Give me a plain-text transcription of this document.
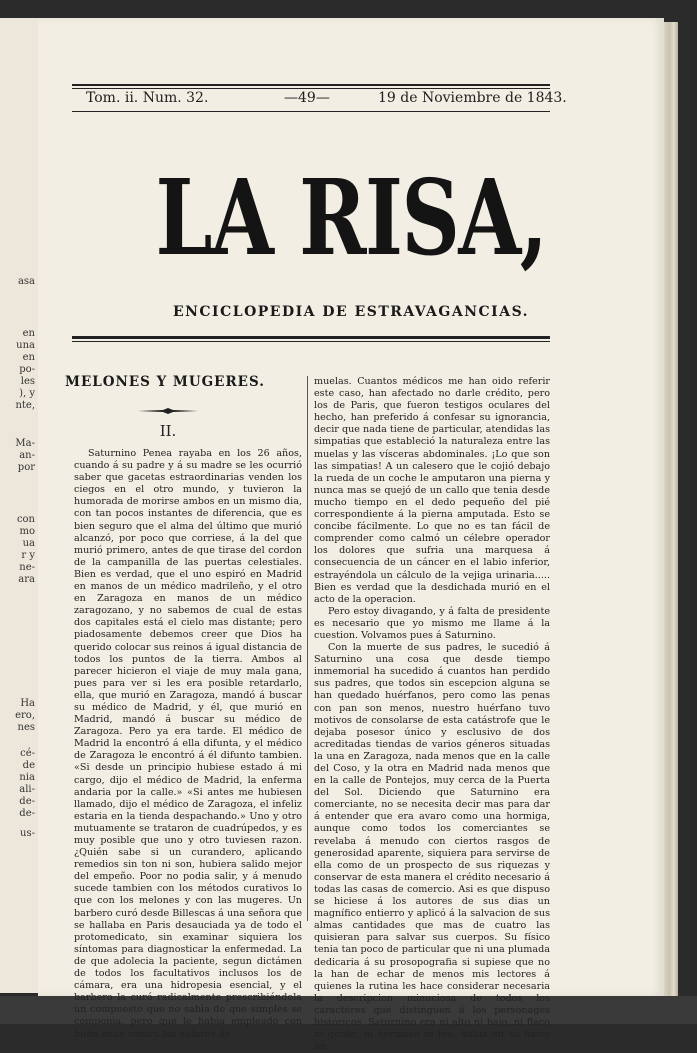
asa
en
una
en
po-
les
), y
nte,
Ma-
an-
por
con
mo
ua
r y
ne-
ara
Ha
ero,
nes
cé-
de
nia
ali-
de-
de-
us-
Tom. ii. Num. 32.	—49—	19 de Noviembre de 1843.
LA RISA,
ENCICLOPEDIA DE ESTRAVAGANCIAS.
MELONES Y MUGERES.
II.

Saturnino Penea rayaba en los 26 años, cuando á su padre y á su madre se les ocurrió saber que gacetas estraordinarias venden los ciegos en el otro mundo, y tuvieron la humorada de morirse ambos en un mismo dia, con tan pocos instantes de diferencia, que es bien seguro que el alma del último que murió alcanzó, por poco que corriese, á la del que murió primero, antes de que tirase del cordon de la campanilla de las puertas celestiales. Bien es verdad, que el uno espiró en Madrid en manos de un médico madrileño, y el otro en Zaragoza en manos de un médico zaragozano, y no sabemos de cual de estas dos capitales está el cielo mas distante; pero piadosamente debemos creer que Dios ha querido colocar sus reinos á igual distancia de todos los puntos de la tierra. Ambos al parecer hicieron el viaje de muy mala gana, pues para ver si les era posible retardarlo, ella, que murió en Zaragoza, mandó á buscar su médico de Madrid, y él, que murió en Madrid, mandó á buscar su médico de Zaragoza. Pero ya era tarde. El médico de Madrid la encontró á ella difunta, y el médico de Zaragoza le encontró á él difunto tambien. «Si desde un principio hubiese estado á mi cargo, dijo el médico de Madrid, la enferma andaria por la calle.» «Si antes me hubiesen llamado, dijo el médico de Zaragoza, el infeliz estaria en la tienda despachando.» Uno y otro mutuamente se trataron de cuadrúpedos, y es muy posible que uno y otro tuviesen razon. ¿Quién sabe si un curandero, aplicando remedios sin ton ni son, hubiera salido mejor del empeño. Poor no podia salir, y á menudo sucede tambien con los métodos curativos lo que con los melones y con las mugeres. Un barbero curó desde Billescas á una señora que se hallaba en Paris desauciada ya de todo el protomedicato, sin examinar siquiera los síntomas para diagnosticar la enfermedad. La de que adolecia la paciente, segun dictámen de todos los facultativos inclusos los de cámara, era una hidropesia esencial, y el barbero la curó radicalmente prescribiéndola un compuesto que no sabia de que simples se componia, pero que le habia empleado con buen éxito contra los dolores de

muelas. Cuantos médicos me han oido referir este caso, han afectado no darle crédito, pero los de Paris, que fueron testigos oculares del hecho, han preferido á confesar su ignorancia, decir que nada tiene de particular, atendidas las simpatias que estableció la naturaleza entre las muelas y las vísceras abdominales. ¡Lo que son las simpatias! A un calesero que le cojió debajo la rueda de un coche le amputaron una pierna y nunca mas se quejó de un callo que tenia desde mucho tiempo en el dedo pequeño del pié correspondiente á la pierna amputada. Esto se concibe fácilmente. Lo que no es tan fácil de comprender como calmó un célebre operador los dolores que sufria una marquesa á consecuencia de un cáncer en el labio inferior, estrayéndola un cálculo de la vejiga urinaria..... Bien es verdad que la desdichada murió en el acto de la operacion.

Pero estoy divagando, y á falta de presidente es necesario que yo mismo me llame á la cuestion. Volvamos pues á Saturnino.

Con la muerte de sus padres, le sucedió á Saturnino una cosa que desde tiempo inmemorial ha sucedido á cuantos han perdido sus padres, que todos sin escepcion alguna se han quedado huérfanos, pero como las penas con pan son menos, nuestro huérfano tuvo motivos de consolarse de esta catástrofe que le dejaba posesor único y esclusivo de dos acreditadas tiendas de varios géneros situadas la una en Zaragoza, nada menos que en la calle del Coso, y la otra en Madrid nada menos que en la calle de Pontejos, muy cerca de la Puerta del Sol. Diciendo que Saturnino era comerciante, no se necesita decir mas para dar á entender que era avaro como una hormiga, aunque como todos los comerciantes se revelaba á menudo con ciertos rasgos de generosidad aparente, siquiera para servirse de ella como de un prospecto de sus riquezas y conservar de esta manera el crédito necesario á todas las casas de comercio. Asi es que dispuso se hiciese á los autores de sus dias un magnífico entierro y aplicó á la salvacion de sus almas cantidades que mas de cuatro las quisieran para salvar sus cuerpos. Su físico tenia tan poco de particular que ni una plumada dedicaria á su prosopografia si supiese que no la han de echar de menos mis lectores á quienes la rutina les hace considerar necesaria la descripcion minuciosa de todos los caractéres que distinguen á los personages históricos. Saturnino era ni alto ni bajo, ni flaco ni gordo, ni hermoso ni feo; habia en su físico un
